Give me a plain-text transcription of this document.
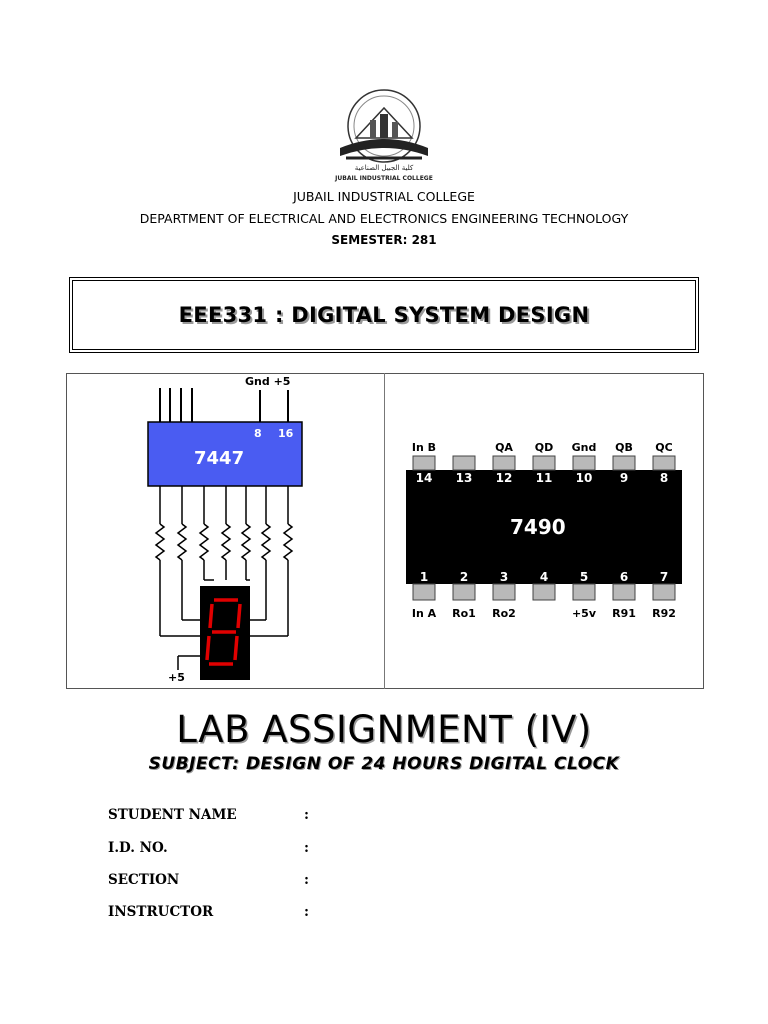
كلية الجبيل الصناعية
JUBAIL INDUSTRIAL COLLEGE
JUBAIL INDUSTRIAL COLLEGE
DEPARTMENT OF ELECTRICAL AND ELECTRONICS ENGINEERING TECHNOLOGY
SEMESTER: 281
EEE331 : DIGITAL SYSTEM DESIGN
Gnd +5
8 16
7447
+5
7490
In B
14
1
In A
13
2
Ro1
QA
12
3
Ro2
QD
11
4
Gnd
10
5
+5v
QB
9
6
R91
QC
8
7
R92
LAB ASSIGNMENT (IV)
SUBJECT: DESIGN OF 24 HOURS DIGITAL CLOCK
STUDENT NAME	:
I.D. NO.	:
SECTION	:
INSTRUCTOR	:
